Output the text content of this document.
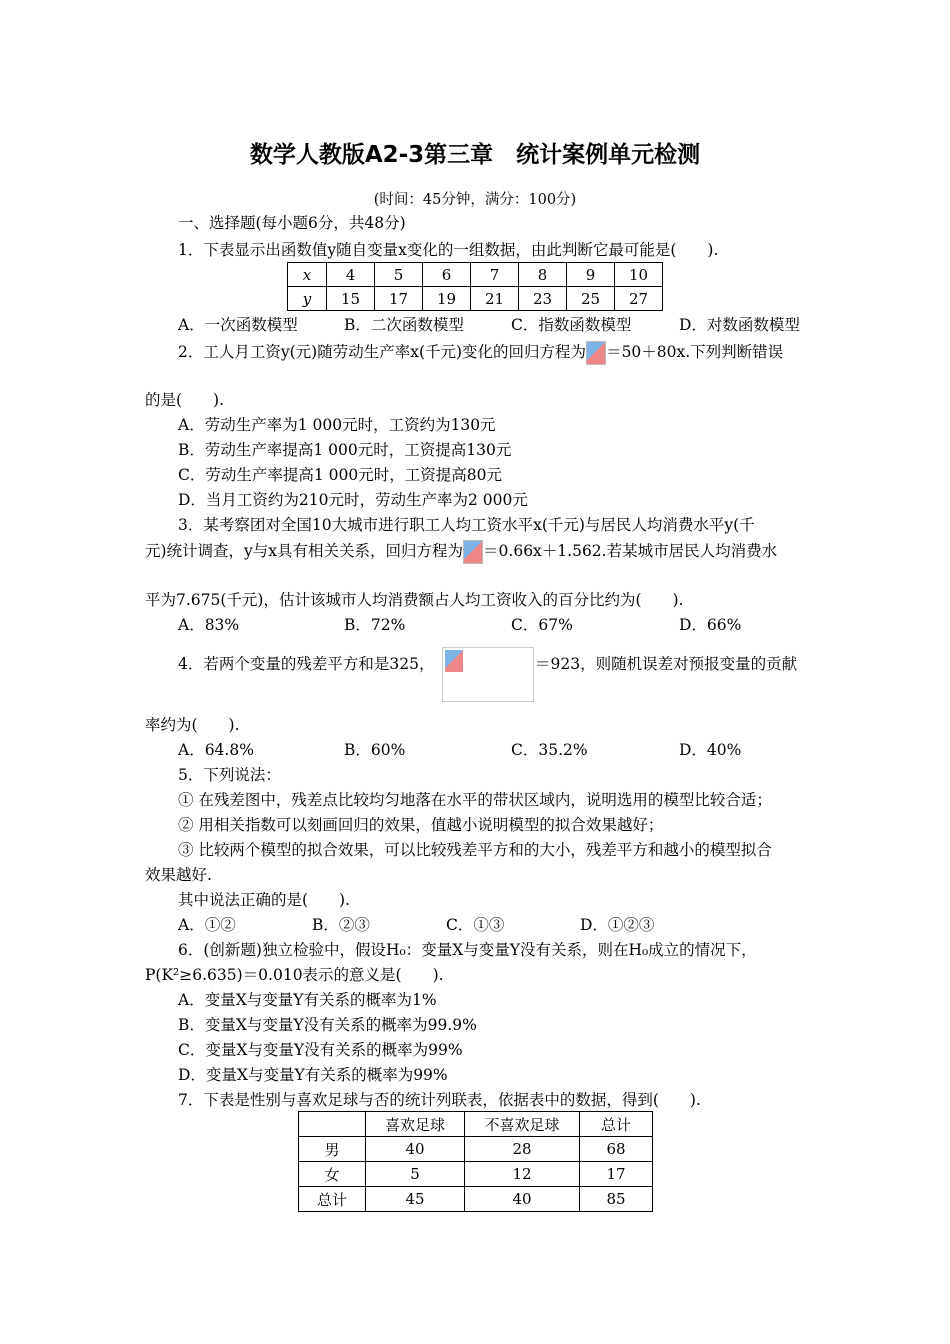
数学人教版A2-3第三章　统计案例单元检测
(时间：45分钟，满分：100分)
一、选择题(每小题6分，共48分)
1．下表显示出函数值y随自变量x变化的一组数据，由此判断它最可能是(　　).
x	4	5	6	7	8	9	10
y	15	17	19	21	23	25	27
A．一次函数模型	B．二次函数模型	C．指数函数模型	D．对数函数模型
2．工人月工资y(元)随劳动生产率x(千元)变化的回归方程为 ＝50＋80x.下列判断错误
的是(　　).
A．劳动生产率为1 000元时，工资约为130元
B．劳动生产率提高1 000元时，工资提高130元
C．劳动生产率提高1 000元时，工资提高80元
D．当月工资约为210元时，劳动生产率为2 000元
3．某考察团对全国10大城市进行职工人均工资水平x(千元)与居民人均消费水平y(千
元)统计调查，y与x具有相关关系，回归方程为 ＝0.66x＋1.562.若某城市居民人均消费水
平为7.675(千元)，估计该城市人均消费额占人均工资收入的百分比约为(　　).
A．83%	B．72%	C．67%	D．66%
4．若两个变量的残差平方和是325，	＝923，则随机误差对预报变量的贡献
率约为(　　).
A．64.8%	B．60%	C．35.2%	D．40%
5．下列说法：
① 在残差图中，残差点比较均匀地落在水平的带状区域内，说明选用的模型比较合适；
② 用相关指数可以刻画回归的效果，值越小说明模型的拟合效果越好；
③ 比较两个模型的拟合效果，可以比较残差平方和的大小，残差平方和越小的模型拟合
效果越好.
其中说法正确的是(　　).
A．①②	B．②③	C．①③	D．①②③
6．(创新题)独立检验中，假设H₀：变量X与变量Y没有关系，则在H₀成立的情况下，
P(K²≥6.635)＝0.010表示的意义是(　　).
A．变量X与变量Y有关系的概率为1%
B．变量X与变量Y没有关系的概率为99.9%
C．变量X与变量Y没有关系的概率为99%
D．变量X与变量Y有关系的概率为99%
7．下表是性别与喜欢足球与否的统计列联表，依据表中的数据，得到(　　).
	喜欢足球	不喜欢足球	总计
男	40	28	68
女	5	12	17
总计	45	40	85
